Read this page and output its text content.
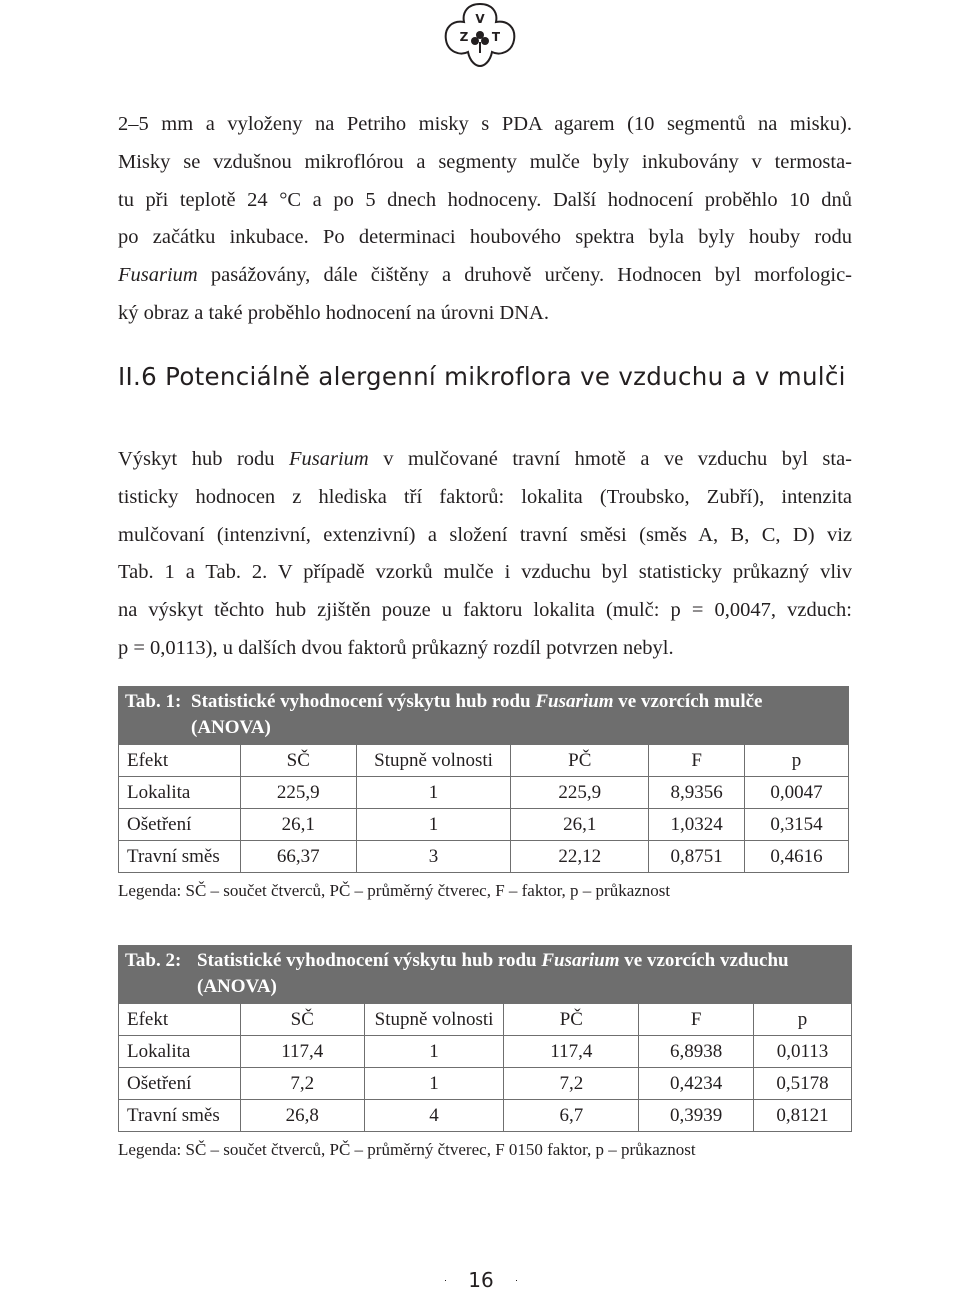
V
Z T
2–5 mm a vyloženy na Petriho misky s PDA agarem (10 segmentů na misku).
Misky se vzdušnou mikroflórou a segmenty mulče byly inkubovány v termosta-
tu při teplotě 24 °C a po 5 dnech hodnoceny. Další hodnocení proběhlo 10 dnů
po začátku inkubace. Po determinaci houbového spektra byla byly houby rodu
Fusarium pasážovány, dále čištěny a druhově určeny. Hodnocen byl morfologic-
ký obraz a také proběhlo hodnocení na úrovni DNA.
II.6 Potenciálně alergenní mikroflora ve vzduchu a v mulči
Výskyt hub rodu Fusarium v mulčované travní hmotě a ve vzduchu byl sta-
tisticky hodnocen z hlediska tří faktorů: lokalita (Troubsko, Zubří), intenzita
mulčovaní (intenzivní, extenzivní) a složení travní směsi (směs A, B, C, D) viz
Tab. 1 a Tab. 2. V případě vzorků mulče i vzduchu byl statisticky průkazný vliv
na výskyt těchto hub zjištěn pouze u faktoru lokalita (mulč: p = 0,0047, vzduch:
p = 0,0113), u dalších dvou faktorů průkazný rozdíl potvrzen nebyl.
Tab. 1: Statistické vyhodnocení výskytu hub rodu Fusarium ve vzorcích mulče (ANOVA)					
Efekt	SČ	Stupně volnosti	PČ	F	p
Lokalita	225,9	1	225,9	8,9356	0,0047
Ošetření	26,1	1	26,1	1,0324	0,3154
Travní směs	66,37	3	22,12	0,8751	0,4616
Legenda: SČ – součet čtverců, PČ – průměrný čtverec, F – faktor, p – průkaznost
Tab. 2: Statistické vyhodnocení výskytu hub rodu Fusarium ve vzorcích vzduchu (ANOVA)					
Efekt	SČ	Stupně volnosti	PČ	F	p
Lokalita	117,4	1	117,4	6,8938	0,0113
Ošetření	7,2	1	7,2	0,4234	0,5178
Travní směs	26,8	4	6,7	0,3939	0,8121
Legenda: SČ – součet čtverců, PČ – průměrný čtverec, F 0150 faktor, p – průkaznost
16
